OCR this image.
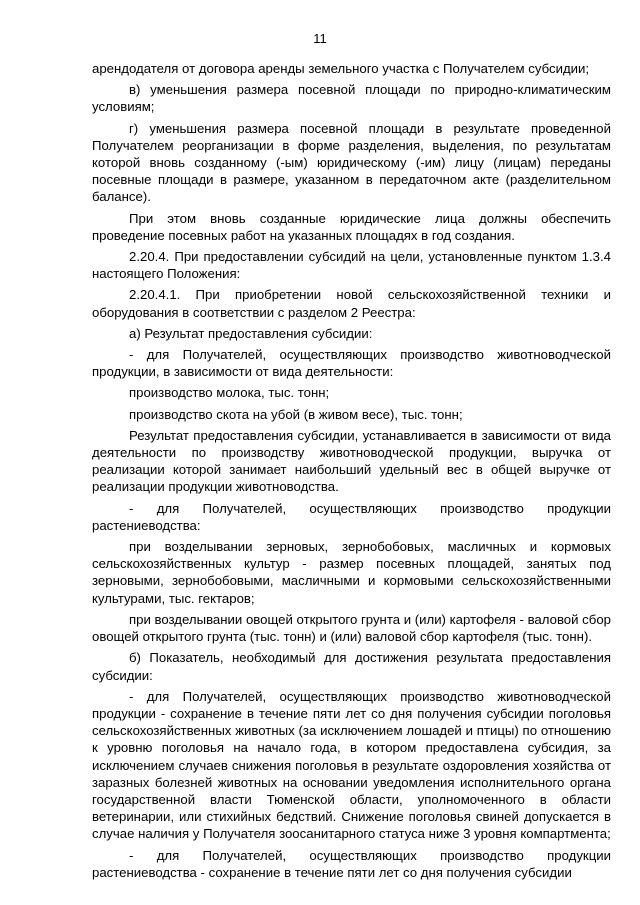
11

арендодателя от договора аренды земельного участка с Получателем субсидии;

в) уменьшения размера посевной площади по природно-климатическим условиям;

г) уменьшения размера посевной площади в результате проведенной Получателем реорганизации в форме разделения, выделения, по результатам которой вновь созданному (-ым) юридическому (-им) лицу (лицам) переданы посевные площади в размере, указанном в передаточном акте (разделительном балансе).

При этом вновь созданные юридические лица должны обеспечить проведение посевных работ на указанных площадях в год создания.

2.20.4. При предоставлении субсидий на цели, установленные пунктом 1.3.4 настоящего Положения:

2.20.4.1. При приобретении новой сельскохозяйственной техники и оборудования в соответствии с разделом 2 Реестра:

а) Результат предоставления субсидии:

- для Получателей, осуществляющих производство животноводческой продукции, в зависимости от вида деятельности:

производство молока, тыс. тонн;

производство скота на убой (в живом весе), тыс. тонн;

Результат предоставления субсидии, устанавливается в зависимости от вида деятельности по производству животноводческой продукции, выручка от реализации которой занимает наибольший удельный вес в общей выручке от реализации продукции животноводства.

- для Получателей, осуществляющих производство продукции растениеводства:

при возделывании зерновых, зернобобовых, масличных и кормовых сельскохозяйственных культур - размер посевных площадей, занятых под зерновыми, зернобобовыми, масличными и кормовыми сельскохозяйственными культурами, тыс. гектаров;

при возделывании овощей открытого грунта и (или) картофеля - валовой сбор овощей открытого грунта (тыс. тонн) и (или) валовой сбор картофеля (тыс. тонн).

б) Показатель, необходимый для достижения результата предоставления субсидии:

- для Получателей, осуществляющих производство животноводческой продукции - сохранение в течение пяти лет со дня получения субсидии поголовья сельскохозяйственных животных (за исключением лошадей и птицы) по отношению к уровню поголовья на начало года, в котором предоставлена субсидия, за исключением случаев снижения поголовья в результате оздоровления хозяйства от заразных болезней животных на основании уведомления исполнительного органа государственной власти Тюменской области, уполномоченного в области ветеринарии, или стихийных бедствий. Снижение поголовья свиней допускается в случае наличия у Получателя зоосанитарного статуса ниже 3 уровня компартмента;

- для Получателей, осуществляющих производство продукции растениеводства - сохранение в течение пяти лет со дня получения субсидии
